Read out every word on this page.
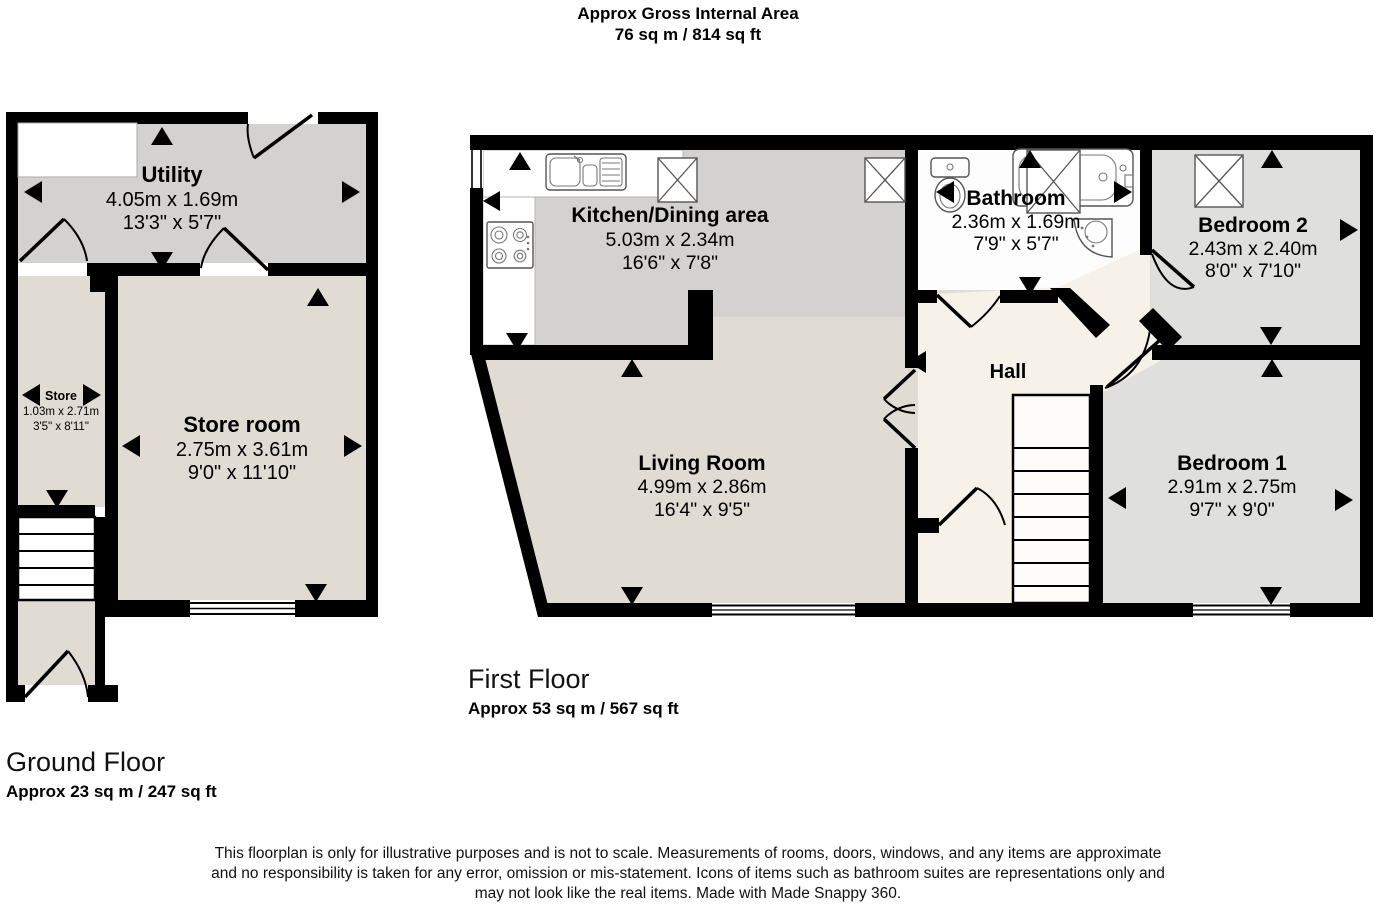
Approx Gross Internal Area
76 sq m / 814 sq ft
Utility
4.05m x 1.69m
13'3" x 5'7"
Store
1.03m x 2.71m
3'5" x 8'11"	Store room
2.75m x 3.61m
9'0" x 11'10"
Kitchen/Dining area
5.03m x 2.34m
16'6" x 7'8"
Bathroom
2.36m x 1.69m
7'9" x 5'7"
Bedroom 2
2.43m x 2.40m
8'0" x 7'10"
Living Room
4.99m x 2.86m
16'4" x 9'5"
Hall
Bedroom 1
2.91m x 2.75m
9'7" x 9'0"
First Floor
Approx 53 sq m / 567 sq ft
Ground Floor
Approx 23 sq m / 247 sq ft
This floorplan is only for illustrative purposes and is not to scale. Measurements of rooms, doors, windows, and any items are approximate
and no responsibility is taken for any error, omission or mis-statement. Icons of items such as bathroom suites are representations only and
may not look like the real items. Made with Made Snappy 360.
